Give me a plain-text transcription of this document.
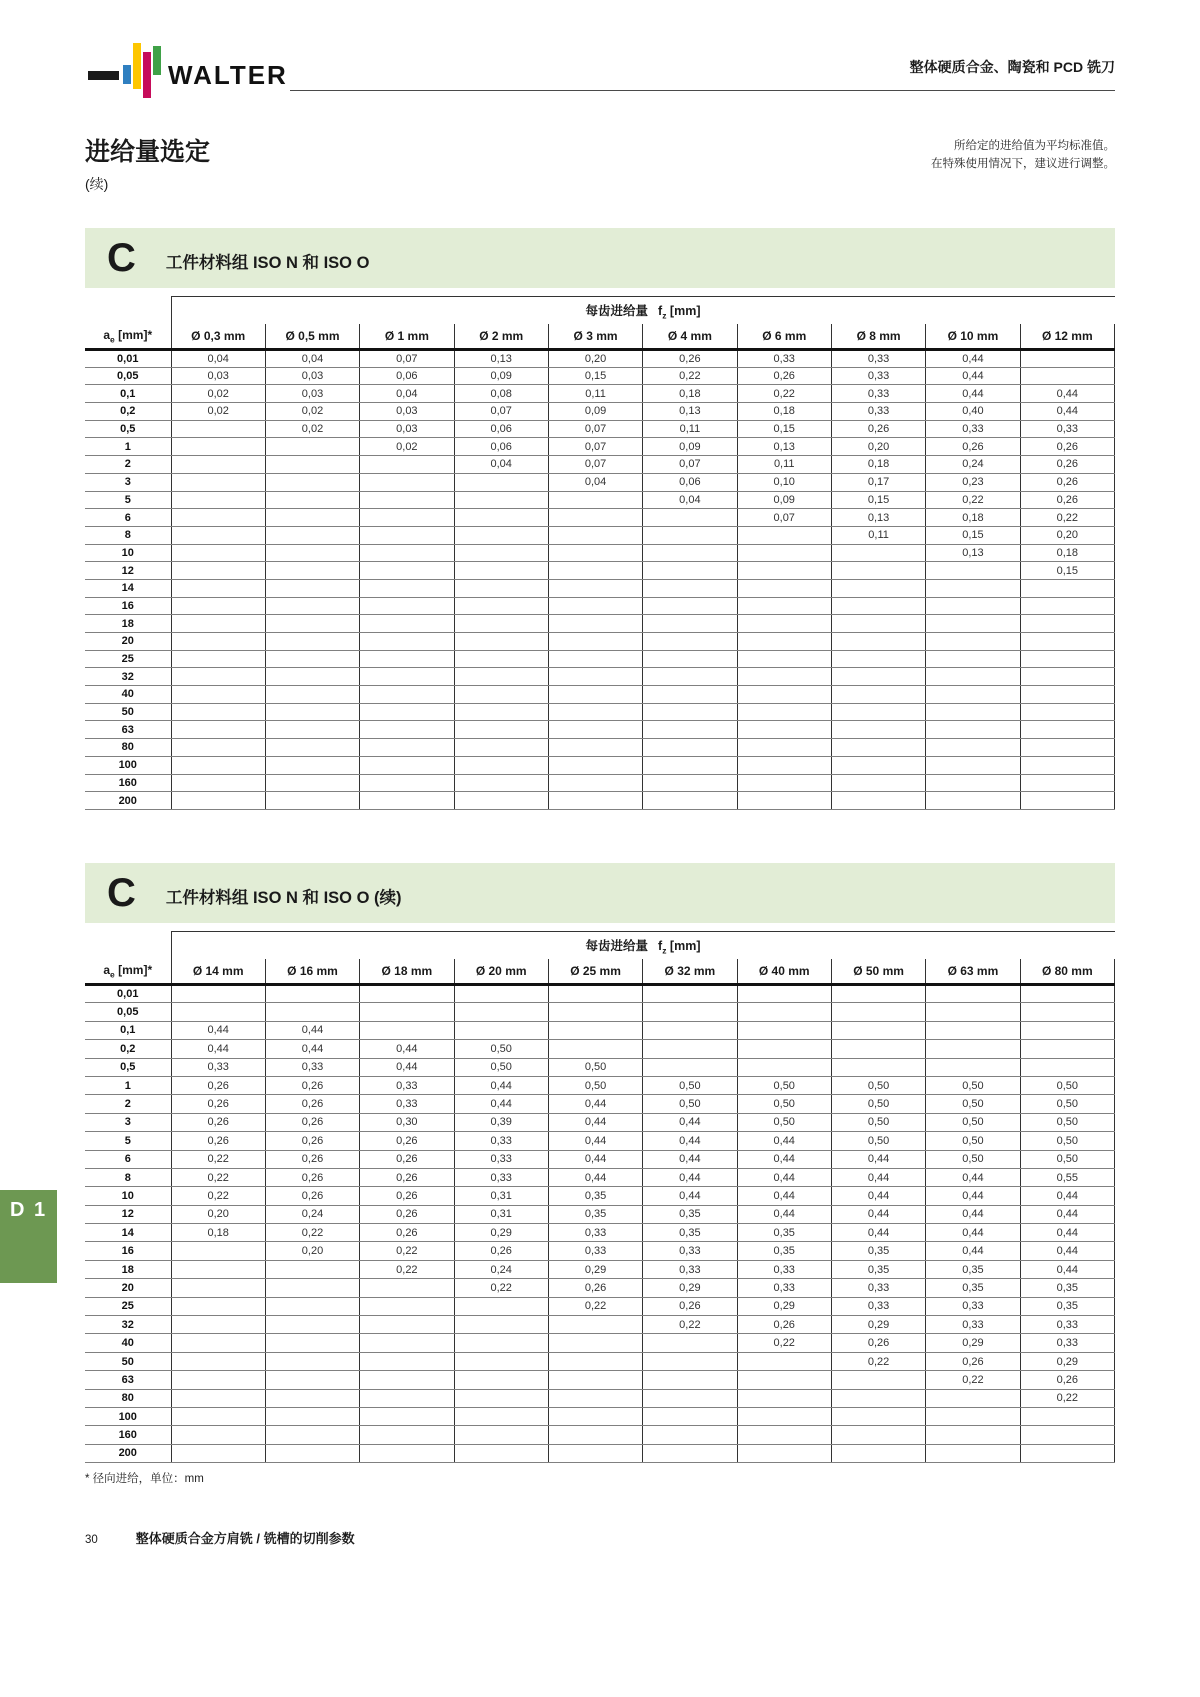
WALTER	整体硬质合金、陶瓷和 PCD 铣刀
进给量选定
(续)
所给定的进给值为平均标准值。
在特殊使用情况下，建议进行调整。
C 工件材料组 ISO N 和 ISO O
	每齿进给量 $f_z$ [mm]									
$a_e$ [mm]*	Ø 0,3 mm	Ø 0,5 mm	Ø 1 mm	Ø 2 mm	Ø 3 mm	Ø 4 mm	Ø 6 mm	Ø 8 mm	Ø 10 mm	Ø 12 mm
0,01	0,04	0,04	0,07	0,13	0,20	0,26	0,33	0,33	0,44	
0,05	0,03	0,03	0,06	0,09	0,15	0,22	0,26	0,33	0,44	
0,1	0,02	0,03	0,04	0,08	0,11	0,18	0,22	0,33	0,44	0,44
0,2	0,02	0,02	0,03	0,07	0,09	0,13	0,18	0,33	0,40	0,44
0,5		0,02	0,03	0,06	0,07	0,11	0,15	0,26	0,33	0,33
1			0,02	0,06	0,07	0,09	0,13	0,20	0,26	0,26
2				0,04	0,07	0,07	0,11	0,18	0,24	0,26
3					0,04	0,06	0,10	0,17	0,23	0,26
5						0,04	0,09	0,15	0,22	0,26
6							0,07	0,13	0,18	0,22
8								0,11	0,15	0,20
10									0,13	0,18
12										0,15
14										
16										
18										
20										
25										
32										
40										
50										
63										
80										
100										
160										
200										
C 工件材料组 ISO N 和 ISO O (续)
	每齿进给量 $f_z$ [mm]									
$a_e$ [mm]*	Ø 14 mm	Ø 16 mm	Ø 18 mm	Ø 20 mm	Ø 25 mm	Ø 32 mm	Ø 40 mm	Ø 50 mm	Ø 63 mm	Ø 80 mm
0,01										
0,05										
0,1	0,44	0,44								
0,2	0,44	0,44	0,44	0,50						
0,5	0,33	0,33	0,44	0,50	0,50					
1	0,26	0,26	0,33	0,44	0,50	0,50	0,50	0,50	0,50	0,50
2	0,26	0,26	0,33	0,44	0,44	0,50	0,50	0,50	0,50	0,50
3	0,26	0,26	0,30	0,39	0,44	0,44	0,50	0,50	0,50	0,50
5	0,26	0,26	0,26	0,33	0,44	0,44	0,44	0,50	0,50	0,50
6	0,22	0,26	0,26	0,33	0,44	0,44	0,44	0,44	0,50	0,50
8	0,22	0,26	0,26	0,33	0,44	0,44	0,44	0,44	0,44	0,55
10	0,22	0,26	0,26	0,31	0,35	0,44	0,44	0,44	0,44	0,44
12	0,20	0,24	0,26	0,31	0,35	0,35	0,44	0,44	0,44	0,44
14	0,18	0,22	0,26	0,29	0,33	0,35	0,35	0,44	0,44	0,44
16		0,20	0,22	0,26	0,33	0,33	0,35	0,35	0,44	0,44
18			0,22	0,24	0,29	0,33	0,33	0,35	0,35	0,44
20				0,22	0,26	0,29	0,33	0,33	0,35	0,35
25					0,22	0,26	0,29	0,33	0,33	0,35
32						0,22	0,26	0,29	0,33	0,33
40							0,22	0,26	0,29	0,33
50								0,22	0,26	0,29
63									0,22	0,26
80										0,22
100										
160										
200										
* 径向进给，单位：mm
D 1
30	整体硬质合金方肩铣 / 铣槽的切削参数
